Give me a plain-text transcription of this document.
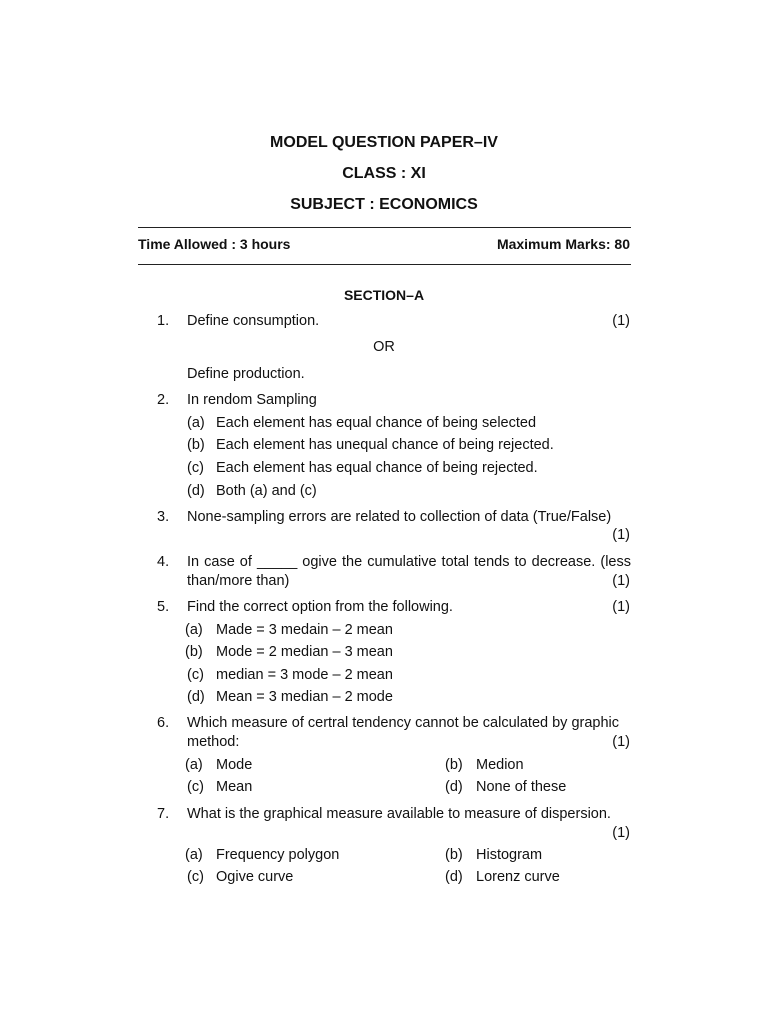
MODEL QUESTION PAPER–IV
CLASS : XI
SUBJECT : ECONOMICS
Time Allowed : 3 hours	Maximum Marks: 80
SECTION–A
1. Define consumption.	(1)
OR
Define production.
2. In rendom Sampling
(a) Each element has equal chance of being selected
(b) Each element has unequal chance of being rejected.
(c) Each element has equal chance of being rejected.
(d) Both (a) and (c)
3. None-sampling errors are related to collection of data (True/False)
(1)
4. In case of _____ ogive the cumulative total tends to decrease. (less
than/more than)	(1)
5. Find the correct option from the following.	(1)
(a) Made = 3 medain – 2 mean
(b) Mode = 2 median – 3 mean
(c) median = 3 mode – 2 mean
(d) Mean = 3 median – 2 mode
6. Which measure of certral tendency cannot be calculated by graphic
method:	(1)
(a) Mode	(b) Medion
(c) Mean	(d) None of these
7. What is the graphical measure available to measure of dispersion.
(1)
(a) Frequency polygon	(b) Histogram
(c) Ogive curve	(d) Lorenz curve
